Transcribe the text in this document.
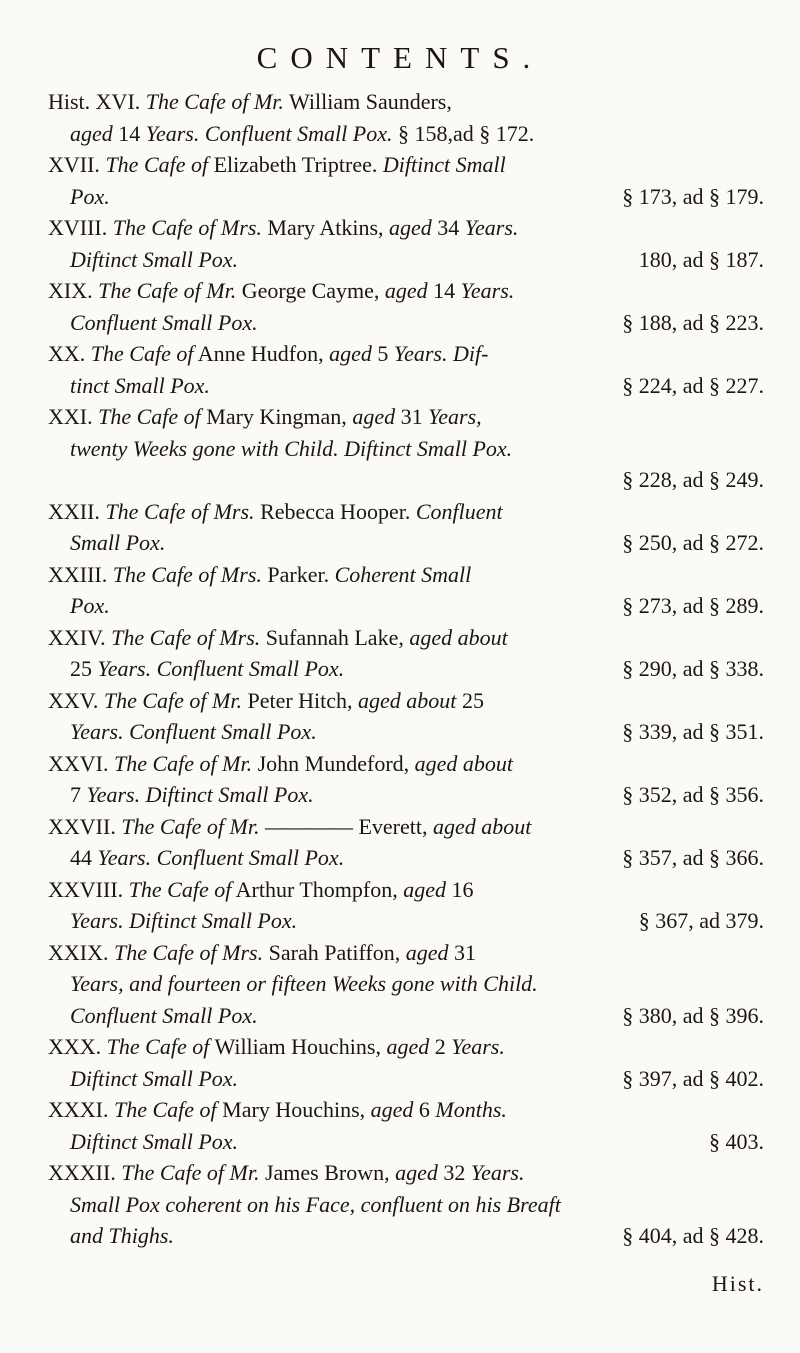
CONTENTS.
Hist. XVI. The Cafe of Mr. William Saunders,
aged 14 Years. Confluent Small Pox. § 158,ad § 172.
XVII. The Cafe of Elizabeth Triptree. Diftinct Small
Pox.	§ 173, ad § 179.
XVIII. The Cafe of Mrs. Mary Atkins, aged 34 Years.
Diftinct Small Pox.	180, ad § 187.
XIX. The Cafe of Mr. George Cayme, aged 14 Years.
Confluent Small Pox.	§ 188, ad § 223.
XX. The Cafe of Anne Hudfon, aged 5 Years. Dif-
tinct Small Pox.	§ 224, ad § 227.
XXI. The Cafe of Mary Kingman, aged 31 Years,
twenty Weeks gone with Child. Diftinct Small Pox.

§ 228, ad § 249.
XXII. The Cafe of Mrs. Rebecca Hooper. Confluent
Small Pox.	§ 250, ad § 272.
XXIII. The Cafe of Mrs. Parker. Coherent Small
Pox.	§ 273, ad § 289.
XXIV. The Cafe of Mrs. Sufannah Lake, aged about
25 Years. Confluent Small Pox.	§ 290, ad § 338.
XXV. The Cafe of Mr. Peter Hitch, aged about 25
Years. Confluent Small Pox.	§ 339, ad § 351.
XXVI. The Cafe of Mr. John Mundeford, aged about
7 Years. Diftinct Small Pox.	§ 352, ad § 356.
XXVII. The Cafe of Mr. ———— Everett, aged about
44 Years. Confluent Small Pox.	§ 357, ad § 366.
XXVIII. The Cafe of Arthur Thompfon, aged 16
Years. Diftinct Small Pox.	§ 367, ad 379.
XXIX. The Cafe of Mrs. Sarah Patiffon, aged 31
Years, and fourteen or fifteen Weeks gone with Child.
Confluent Small Pox.	§ 380, ad § 396.
XXX. The Cafe of William Houchins, aged 2 Years.
Diftinct Small Pox.	§ 397, ad § 402.
XXXI. The Cafe of Mary Houchins, aged 6 Months.
Diftinct Small Pox.	§ 403.
XXXII. The Cafe of Mr. James Brown, aged 32 Years.
Small Pox coherent on his Face, confluent on his Breaft
and Thighs.	§ 404, ad § 428.
Hist.
